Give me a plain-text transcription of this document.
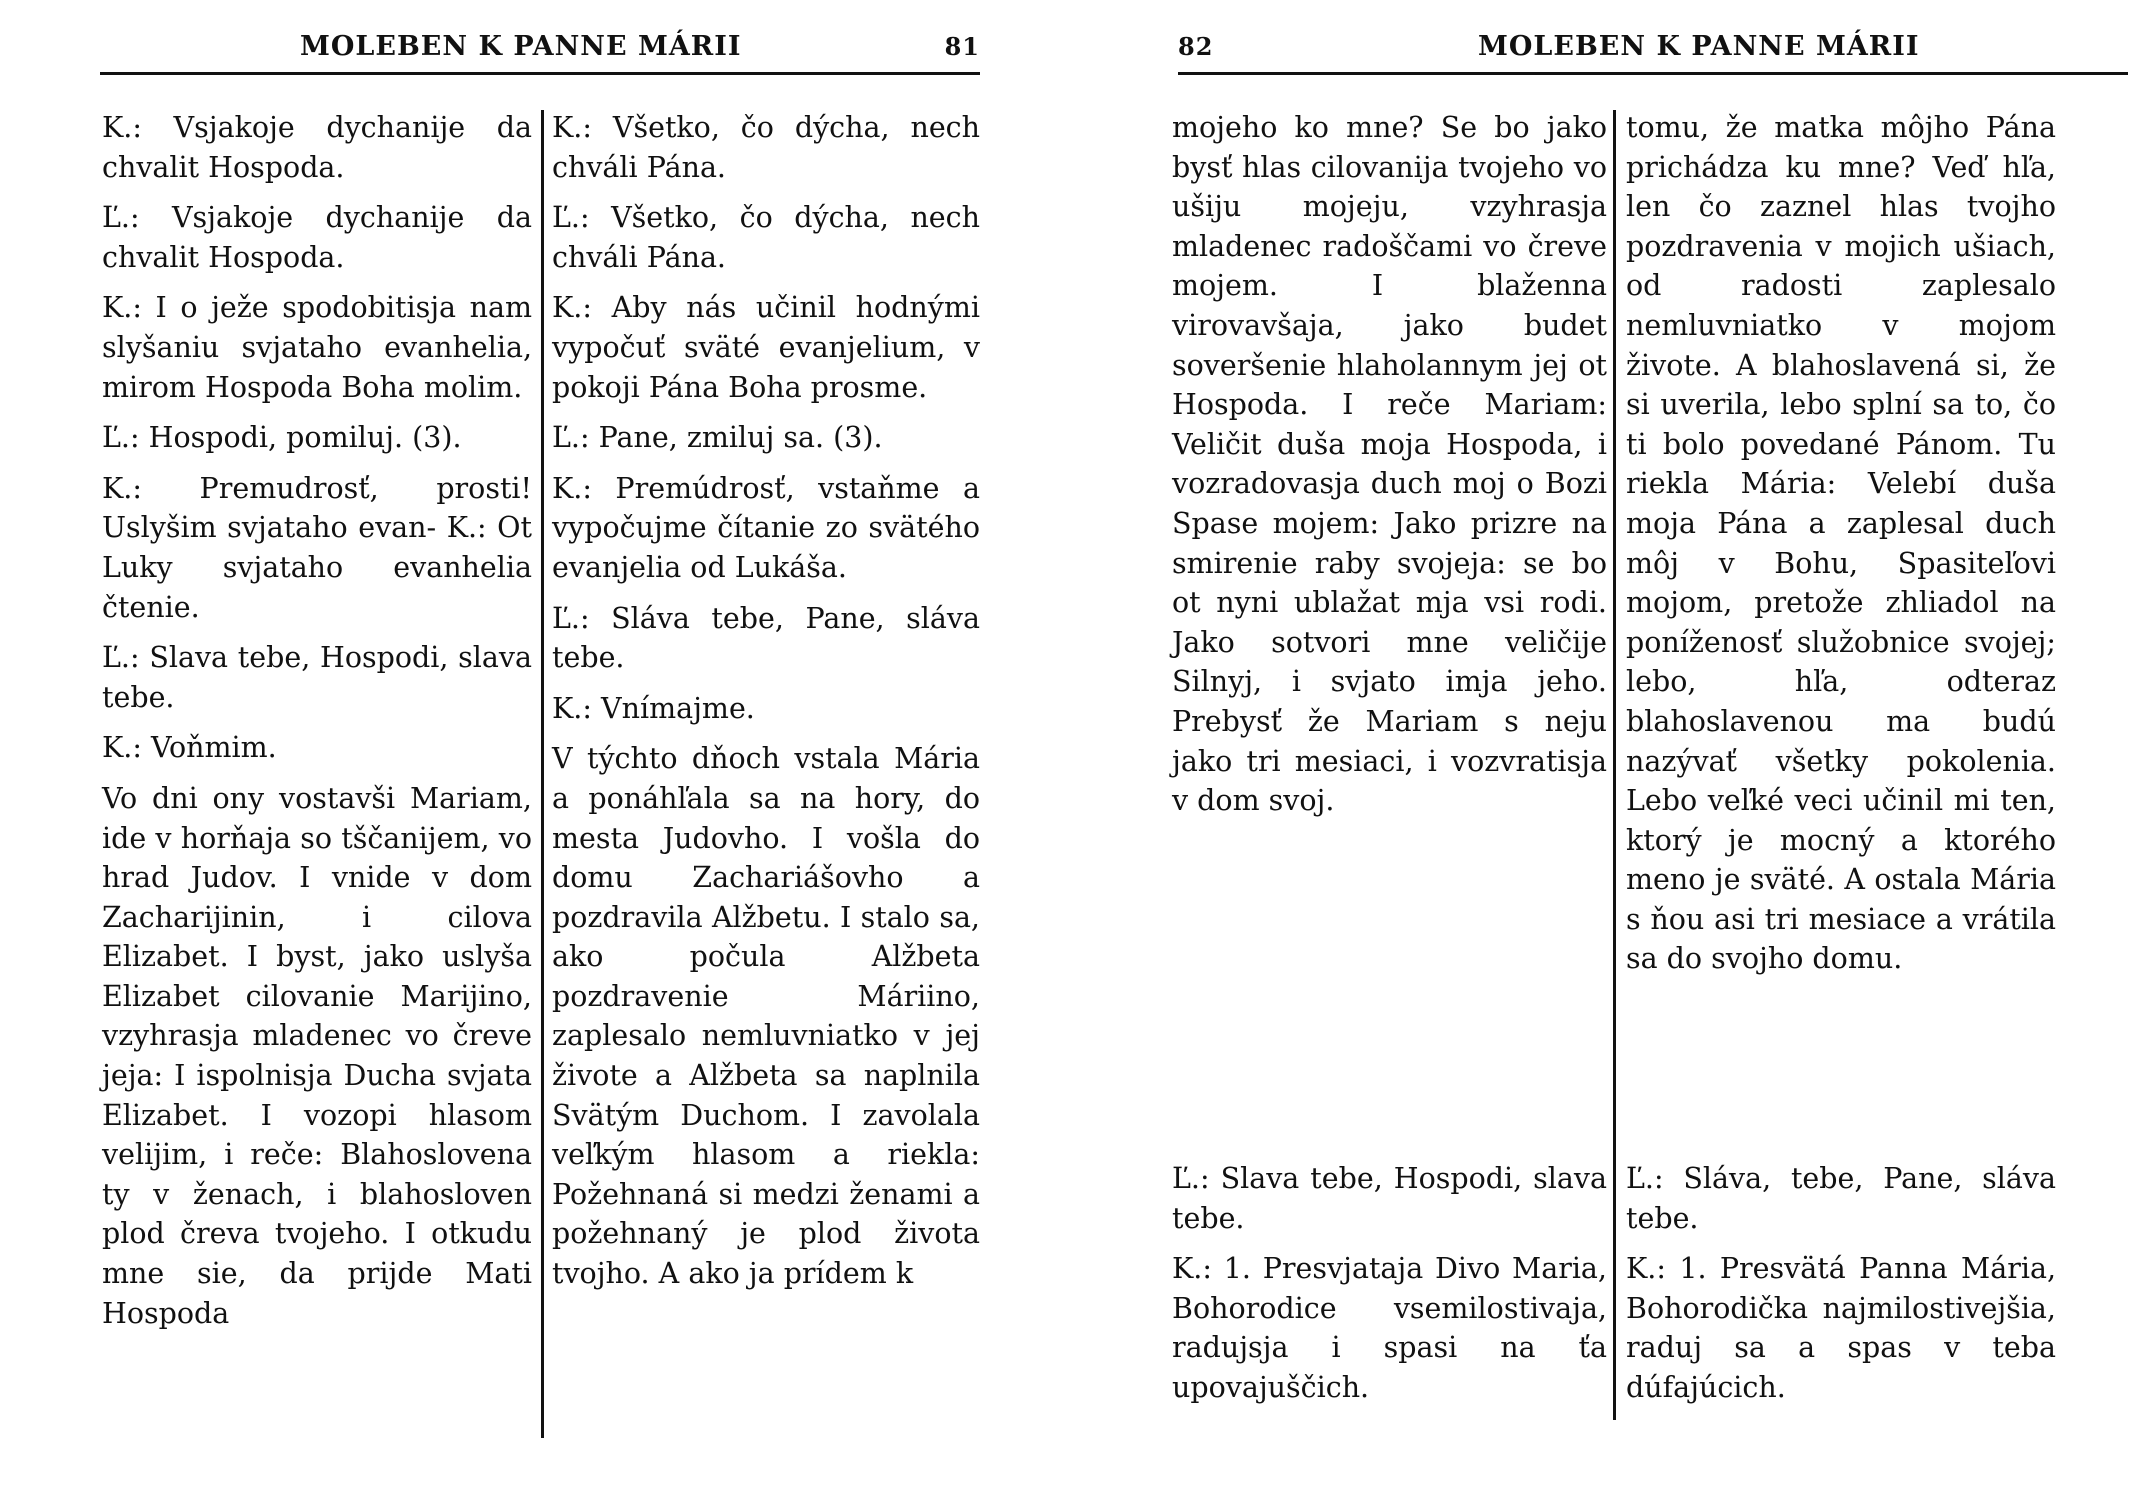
MOLEBEN K PANNE MÁRII	81

K.: Vsjakoje dychanije da chvalit Hospoda.

Ľ.: Vsjakoje dychanije da chvalit Hospoda.

K.: I o ježe spodobitisja nam slyšaniu svjataho evanhelia, mirom Hospoda Boha molim.

Ľ.: Hospodi, pomiluj. (3).

K.: Premudrosť, prosti! Uslyšim svjataho evan- K.: Ot Luky svjataho evanhelia čtenie.

Ľ.: Slava tebe, Hospodi, slava tebe.

K.: Voňmim.

Vo dni ony vostavši Mariam, ide v horňaja so tščanijem, vo hrad Judov. I vnide v dom Zacharijinin, i cilova Elizabet. I byst, jako uslyša Elizabet cilovanie Marijino, vzyhrasja mladenec vo čreve jeja: I ispolnisja Ducha svjata Elizabet. I vozopi hlasom velijim, i reče: Blahoslovena ty v ženach, i blahosloven plod čreva tvojeho. I otkudu mne sie, da prijde Mati Hospoda

K.: Všetko, čo dýcha, nech chváli Pána.

Ľ.: Všetko, čo dýcha, nech chváli Pána.

K.: Aby nás učinil hodnými vypočuť sväté evanjelium, v pokoji Pána Boha prosme.

Ľ.: Pane, zmiluj sa. (3).

K.: Premúdrosť, vstaňme a vypočujme čítanie zo svätého evanjelia od Lukáša.

Ľ.: Sláva tebe, Pane, sláva tebe.

K.: Vnímajme.

V týchto dňoch vstala Mária a ponáhľala sa na hory, do mesta Judovho. I vošla do domu Zachariášovho a pozdravila Alžbetu. I stalo sa, ako počula Alžbeta pozdravenie Máriino, zaplesalo nemluvniatko v jej živote a Alžbeta sa naplnila Svätým Duchom. I zavolala veľkým hlasom a riekla: Požehnaná si medzi ženami a požehnaný je plod života tvojho. A ako ja prídem k

82	MOLEBEN K PANNE MÁRII

mojeho ko mne? Se bo jako bysť hlas cilovanija tvojeho vo ušiju mojeju, vzyhrasja mladenec radoščami vo čreve mojem. I blaženna virovavšaja, jako budet soveršenie hlaholannym jej ot Hospoda. I reče Mariam: Veličit duša moja Hospoda, i vozradovasja duch moj o Bozi Spase mojem: Jako prizre na smirenie raby svojeja: se bo ot nyni ublažat mja vsi rodi. Jako sotvori mne veličije Silnyj, i svjato imja jeho. Prebysť že Mariam s neju jako tri mesiaci, i vozvratisja v dom svoj.

Ľ.: Slava tebe, Hospodi, slava tebe.

K.: 1. Presvjataja Divo Maria, Bohorodice vsemilostivaja, radujsja i spasi na ťa upovajuščich.

tomu, že matka môjho Pána prichádza ku mne? Veď hľa, len čo zaznel hlas tvojho pozdravenia v mojich ušiach, od radosti zaplesalo nemluvniatko v mojom živote. A blahoslavená si, že si uverila, lebo splní sa to, čo ti bolo povedané Pánom. Tu riekla Mária: Velebí duša moja Pána a zaplesal duch môj v Bohu, Spasiteľovi mojom, pretože zhliadol na poníženosť služobnice svojej; lebo, hľa, odteraz blahoslavenou ma budú nazývať všetky pokolenia. Lebo veľké veci učinil mi ten, ktorý je mocný a ktorého meno je sväté. A ostala Mária s ňou asi tri mesiace a vrátila sa do svojho domu.

Ľ.: Sláva, tebe, Pane, sláva tebe.

K.: 1. Presvätá Panna Mária, Bohorodička najmilostivejšia, raduj sa a spas v teba dúfajúcich.
